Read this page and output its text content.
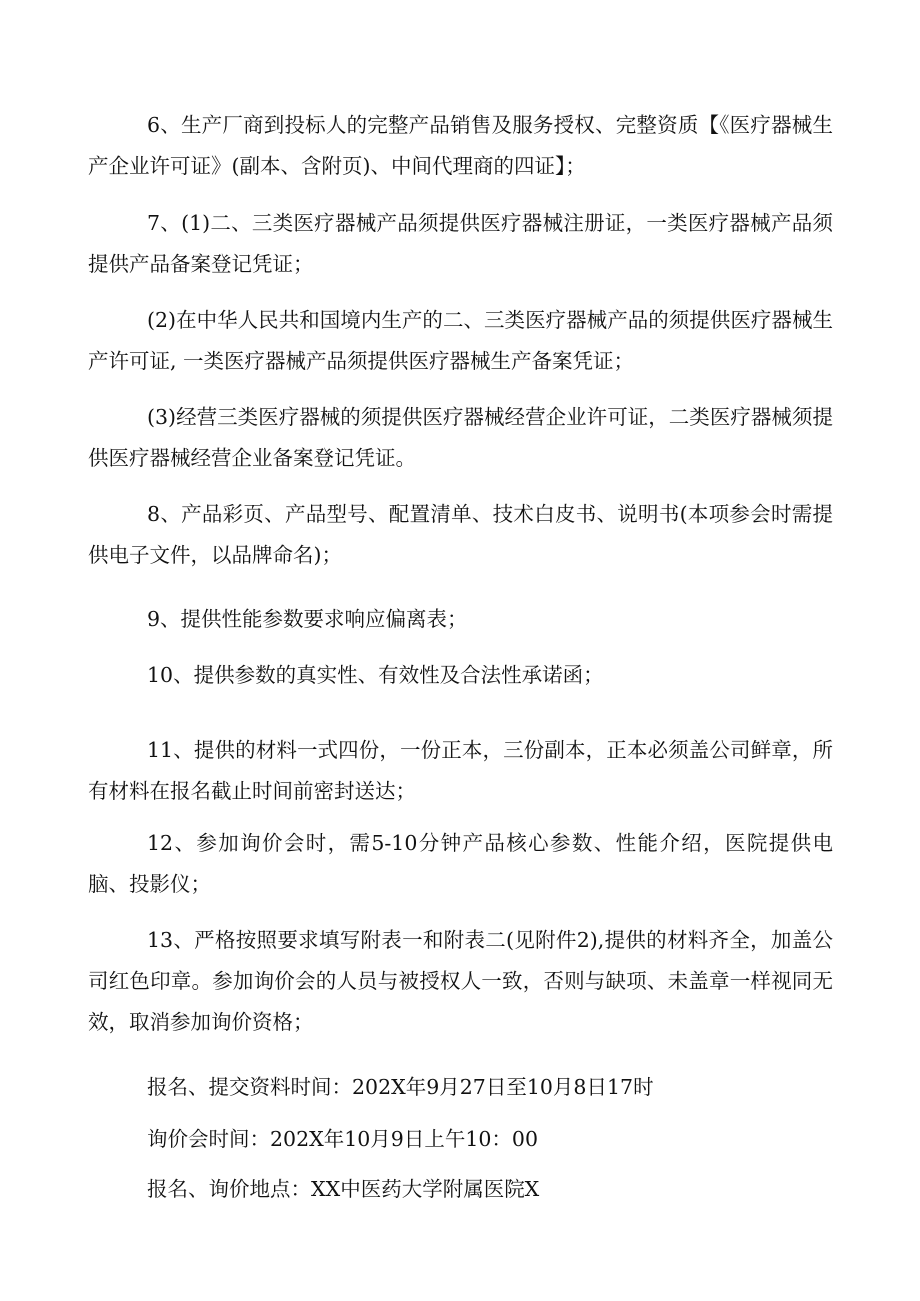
6、生产厂商到投标人的完整产品销售及服务授权、完整资质【《医疗器械生产企业许可证》(副本、含附页)、中间代理商的四证】；

7、(1)二、三类医疗器械产品须提供医疗器械注册证，一类医疗器械产品须提供产品备案登记凭证；

(2)在中华人民共和国境内生产的二、三类医疗器械产品的须提供医疗器械生产许可证, 一类医疗器械产品须提供医疗器械生产备案凭证；

(3)经营三类医疗器械的须提供医疗器械经营企业许可证，二类医疗器械须提供医疗器械经营企业备案登记凭证。

8、产品彩页、产品型号、配置清单、技术白皮书、说明书(本项参会时需提供电子文件，以品牌命名)；

9、提供性能参数要求响应偏离表；

10、提供参数的真实性、有效性及合法性承诺函；

11、提供的材料一式四份，一份正本，三份副本，正本必须盖公司鲜章，所有材料在报名截止时间前密封送达；

12、参加询价会时，需5-10分钟产品核心参数、性能介绍，医院提供电脑、投影仪；

13、严格按照要求填写附表一和附表二(见附件2),提供的材料齐全，加盖公司红色印章。参加询价会的人员与被授权人一致，否则与缺项、未盖章一样视同无效，取消参加询价资格；

报名、提交资料时间：202X年9月27日至10月8日17时

询价会时间：202X年10月9日上午10：00

报名、询价地点：XX中医药大学附属医院X
